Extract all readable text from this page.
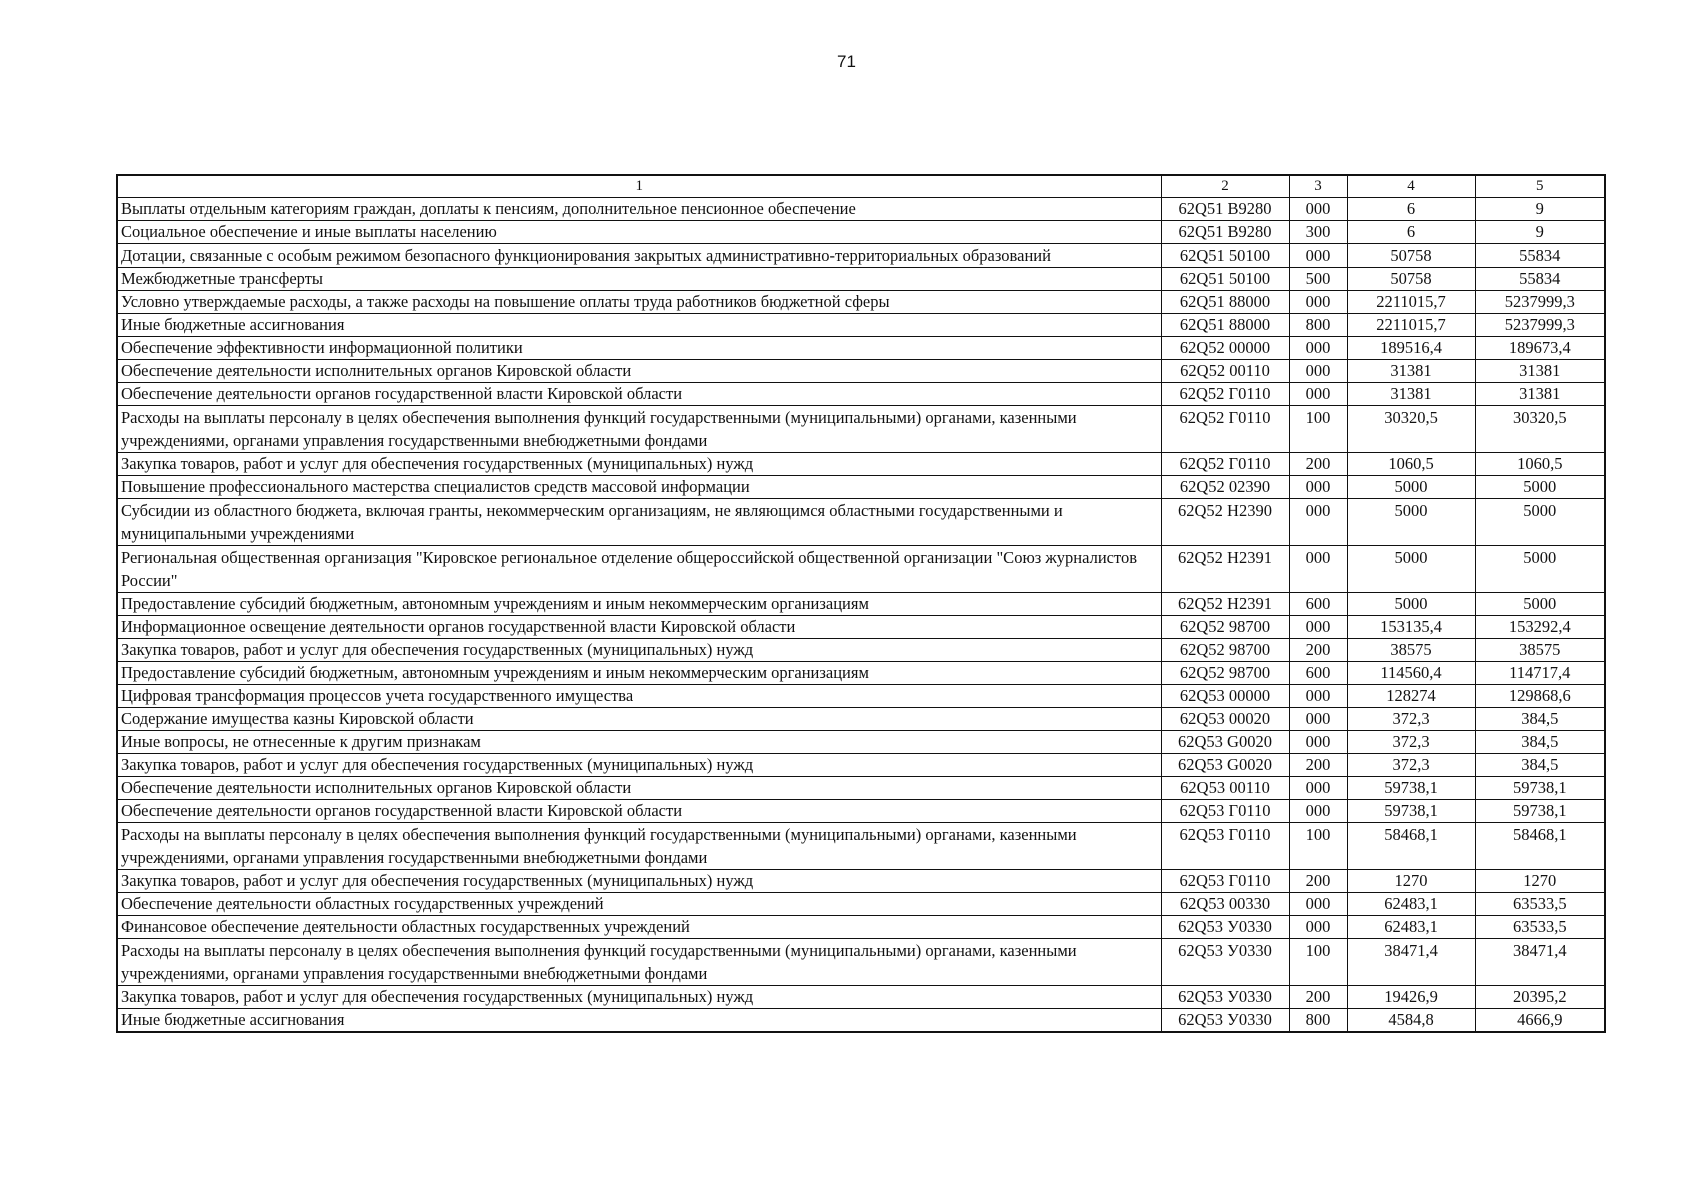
71
1	2	3	4	5
Выплаты отдельным категориям граждан, доплаты к пенсиям, дополнительное пенсионное обеспечение	62Q51 В9280	000	6	9
Социальное обеспечение и иные выплаты населению	62Q51 В9280	300	6	9
Дотации, связанные с особым режимом безопасного функционирования закрытых административно-территориальных образований	62Q51 50100	000	50758	55834
Межбюджетные трансферты	62Q51 50100	500	50758	55834
Условно утверждаемые расходы, а также расходы на повышение оплаты труда работников бюджетной сферы	62Q51 88000	000	2211015,7	5237999,3
Иные бюджетные ассигнования	62Q51 88000	800	2211015,7	5237999,3
Обеспечение эффективности информационной политики	62Q52 00000	000	189516,4	189673,4
Обеспечение деятельности исполнительных органов Кировской области	62Q52 00110	000	31381	31381
Обеспечение деятельности органов государственной власти Кировской области	62Q52 Г0110	000	31381	31381
Расходы на выплаты персоналу в целях обеспечения выполнения функций государственными (муниципальными) органами, казенными учреждениями, органами управления государственными внебюджетными фондами	62Q52 Г0110	100	30320,5	30320,5
Закупка товаров, работ и услуг для обеспечения государственных (муниципальных) нужд	62Q52 Г0110	200	1060,5	1060,5
Повышение профессионального мастерства специалистов средств массовой информации	62Q52 02390	000	5000	5000
Субсидии из областного бюджета, включая гранты, некоммерческим организациям, не являющимся областными государственными и муниципальными учреждениями	62Q52 Н2390	000	5000	5000
Региональная общественная организация "Кировское региональное отделение общероссийской общественной организации "Союз журналистов России"	62Q52 Н2391	000	5000	5000
Предоставление субсидий бюджетным, автономным учреждениям и иным некоммерческим организациям	62Q52 Н2391	600	5000	5000
Информационное освещение деятельности органов государственной власти Кировской области	62Q52 98700	000	153135,4	153292,4
Закупка товаров, работ и услуг для обеспечения государственных (муниципальных) нужд	62Q52 98700	200	38575	38575
Предоставление субсидий бюджетным, автономным учреждениям и иным некоммерческим организациям	62Q52 98700	600	114560,4	114717,4
Цифровая трансформация процессов учета государственного имущества	62Q53 00000	000	128274	129868,6
Содержание имущества казны Кировской области	62Q53 00020	000	372,3	384,5
Иные вопросы, не отнесенные к другим признакам	62Q53 G0020	000	372,3	384,5
Закупка товаров, работ и услуг для обеспечения государственных (муниципальных) нужд	62Q53 G0020	200	372,3	384,5
Обеспечение деятельности исполнительных органов Кировской области	62Q53 00110	000	59738,1	59738,1
Обеспечение деятельности органов государственной власти Кировской области	62Q53 Г0110	000	59738,1	59738,1
Расходы на выплаты персоналу в целях обеспечения выполнения функций государственными (муниципальными) органами, казенными учреждениями, органами управления государственными внебюджетными фондами	62Q53 Г0110	100	58468,1	58468,1
Закупка товаров, работ и услуг для обеспечения государственных (муниципальных) нужд	62Q53 Г0110	200	1270	1270
Обеспечение деятельности областных государственных учреждений	62Q53 00330	000	62483,1	63533,5
Финансовое обеспечение деятельности областных государственных учреждений	62Q53 У0330	000	62483,1	63533,5
Расходы на выплаты персоналу в целях обеспечения выполнения функций государственными (муниципальными) органами, казенными учреждениями, органами управления государственными внебюджетными фондами	62Q53 У0330	100	38471,4	38471,4
Закупка товаров, работ и услуг для обеспечения государственных (муниципальных) нужд	62Q53 У0330	200	19426,9	20395,2
Иные бюджетные ассигнования	62Q53 У0330	800	4584,8	4666,9
